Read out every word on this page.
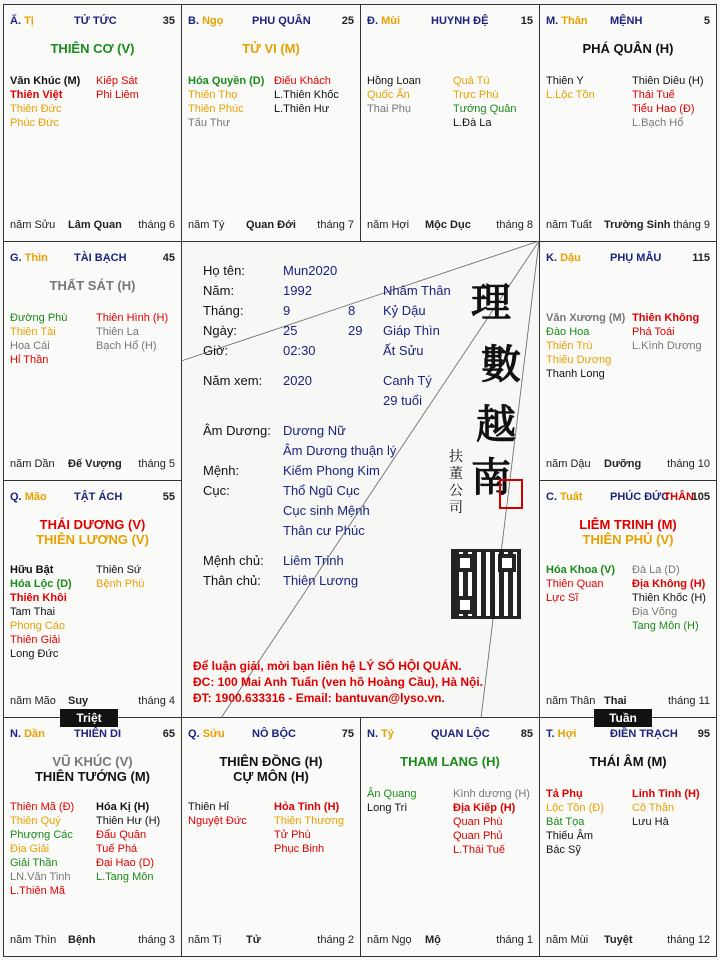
Ấ. Tị	TỬ TỨC	35
THIÊN CƠ (V)
Văn Khúc (M)
Thiên Việt
Thiên Đức
Phúc Đức
Kiếp Sát
Phi Liêm
năm Sửu Lâm Quan tháng 6
B. Ngọ	PHU QUÂN	25
TỬ VI (M)
Hóa Quyền (D)
Thiên Thọ
Thiên Phúc
Tấu Thư
Điếu Khách
L.Thiên Khốc
L.Thiên Hư
năm Tý Quan Đới tháng 7
Đ. Mùi	HUYNH ĐỆ	15
Hồng Loan
Quốc Ấn
Thai Phụ
Quả Tú
Trực Phù
Tướng Quân
L.Đà La
năm Hợi Mộc Dục tháng 8
M. Thân MỆNH	5
PHÁ QUÂN (H)
Thiên Y
L.Lộc Tồn
Thiên Diêu (H)
Thái Tuế
Tiểu Hao (Đ)
L.Bạch Hổ
năm Tuất Trường Sinh tháng 9
G. Thìn TÀI BẠCH	45
THẤT SÁT (H)
Đường Phù
Thiên Tài
Hoa Cái
Hỉ Thần
Thiên Hình (H)
Thiên La
Bạch Hổ (H)
năm Dần Đế Vượng tháng 5
K. Dậu	PHỤ MẪU	115
Văn Xương (M)
Đào Hoa
Thiên Trù
Thiếu Dương
Thanh Long
Thiên Không
Phá Toái
L.Kình Dương
năm Dậu Dưỡng tháng 10
Q. Mão TẬT ÁCH	55
THÁI DƯƠNG (V)
THIÊN LƯƠNG (V)
Hữu Bật
Hóa Lộc (D)
Thiên Khôi
Tam Thai
Phong Cáo
Thiên Giải
Long Đức
Thiên Sứ
Bệnh Phù
năm Mão Suy	tháng 4
C. Tuất	PHÚC ĐỨC 105
LIÊM TRINH (M)
THIÊN PHỦ (V)
Hóa Khoa (V)
Thiên Quan
Lực Sĩ
Đà La (D)
Địa Không (H)
Thiên Khốc (H)
Địa Võng
Tang Môn (H)
năm Thân Thai	tháng 11
THÂN
N. Dần	THIÊN DI	65
VŨ KHÚC (V)
THIÊN TƯỚNG (M)
Thiên Mã (Đ)
Thiên Quý
Phượng Các
Địa Giải
Giải Thần
LN.Văn Tinh
L.Thiên Mã
Hóa Kị (H)
Thiên Hư (H)
Đẩu Quân
Tuế Phá
Đại Hao (D)
L.Tang Môn
năm Thìn Bệnh	tháng 3
Q. Sửu NÔ BỘC	75
THIÊN ĐỒNG (H)
CỰ MÔN (H)
Thiên Hỉ
Nguyệt Đức
Hỏa Tinh (H)
Thiên Thương
Tử Phù
Phục Binh
năm Tị Tử	tháng 2
N. Tý	QUAN LỘC	85
THAM LANG (H)
Ân Quang
Long Trì
Kình dương (H)
Địa Kiếp (H)
Quan Phù
Quan Phủ
L.Thái Tuế
năm Ngọ Mộ	tháng 1
T. Hợi	ĐIỀN TRẠCH 95
THÁI ÂM (M)
Tả Phụ
Lộc Tồn (Đ)
Bát Tọa
Thiếu Âm
Bác Sỹ
Linh Tinh (H)
Cô Thần
Lưu Hà
năm Mùi Tuyệt	tháng 12
Họ tên:	Mun2020
Năm:	1992	Nhâm Thân
Tháng:	9	8 Kỷ Dậu
Ngày:	25	29 Giáp Thìn
Giờ:	02:30	Ất Sửu
Năm xem: 2020	Canh Tý
29 tuổi
Âm Dương: Dương Nữ
Âm Dương thuận lý
Mệnh:	Kiếm Phong Kim
Cục:	Thổ Ngũ Cục
Cục sinh Mệnh
Thân cư Phúc
Mệnh chủ: Liêm Trinh
Thân chủ: Thiên Lương
理
數
越
南
扶董公司
Để luận giải, mời bạn liên hệ LÝ SỐ HỘI QUÁN.
ĐC: 100 Mai Anh Tuấn (ven hồ Hoàng Cầu), Hà Nội.
ĐT: 1900.633316 - Email: bantuvan@lyso.vn.
Triệt	Tuần
